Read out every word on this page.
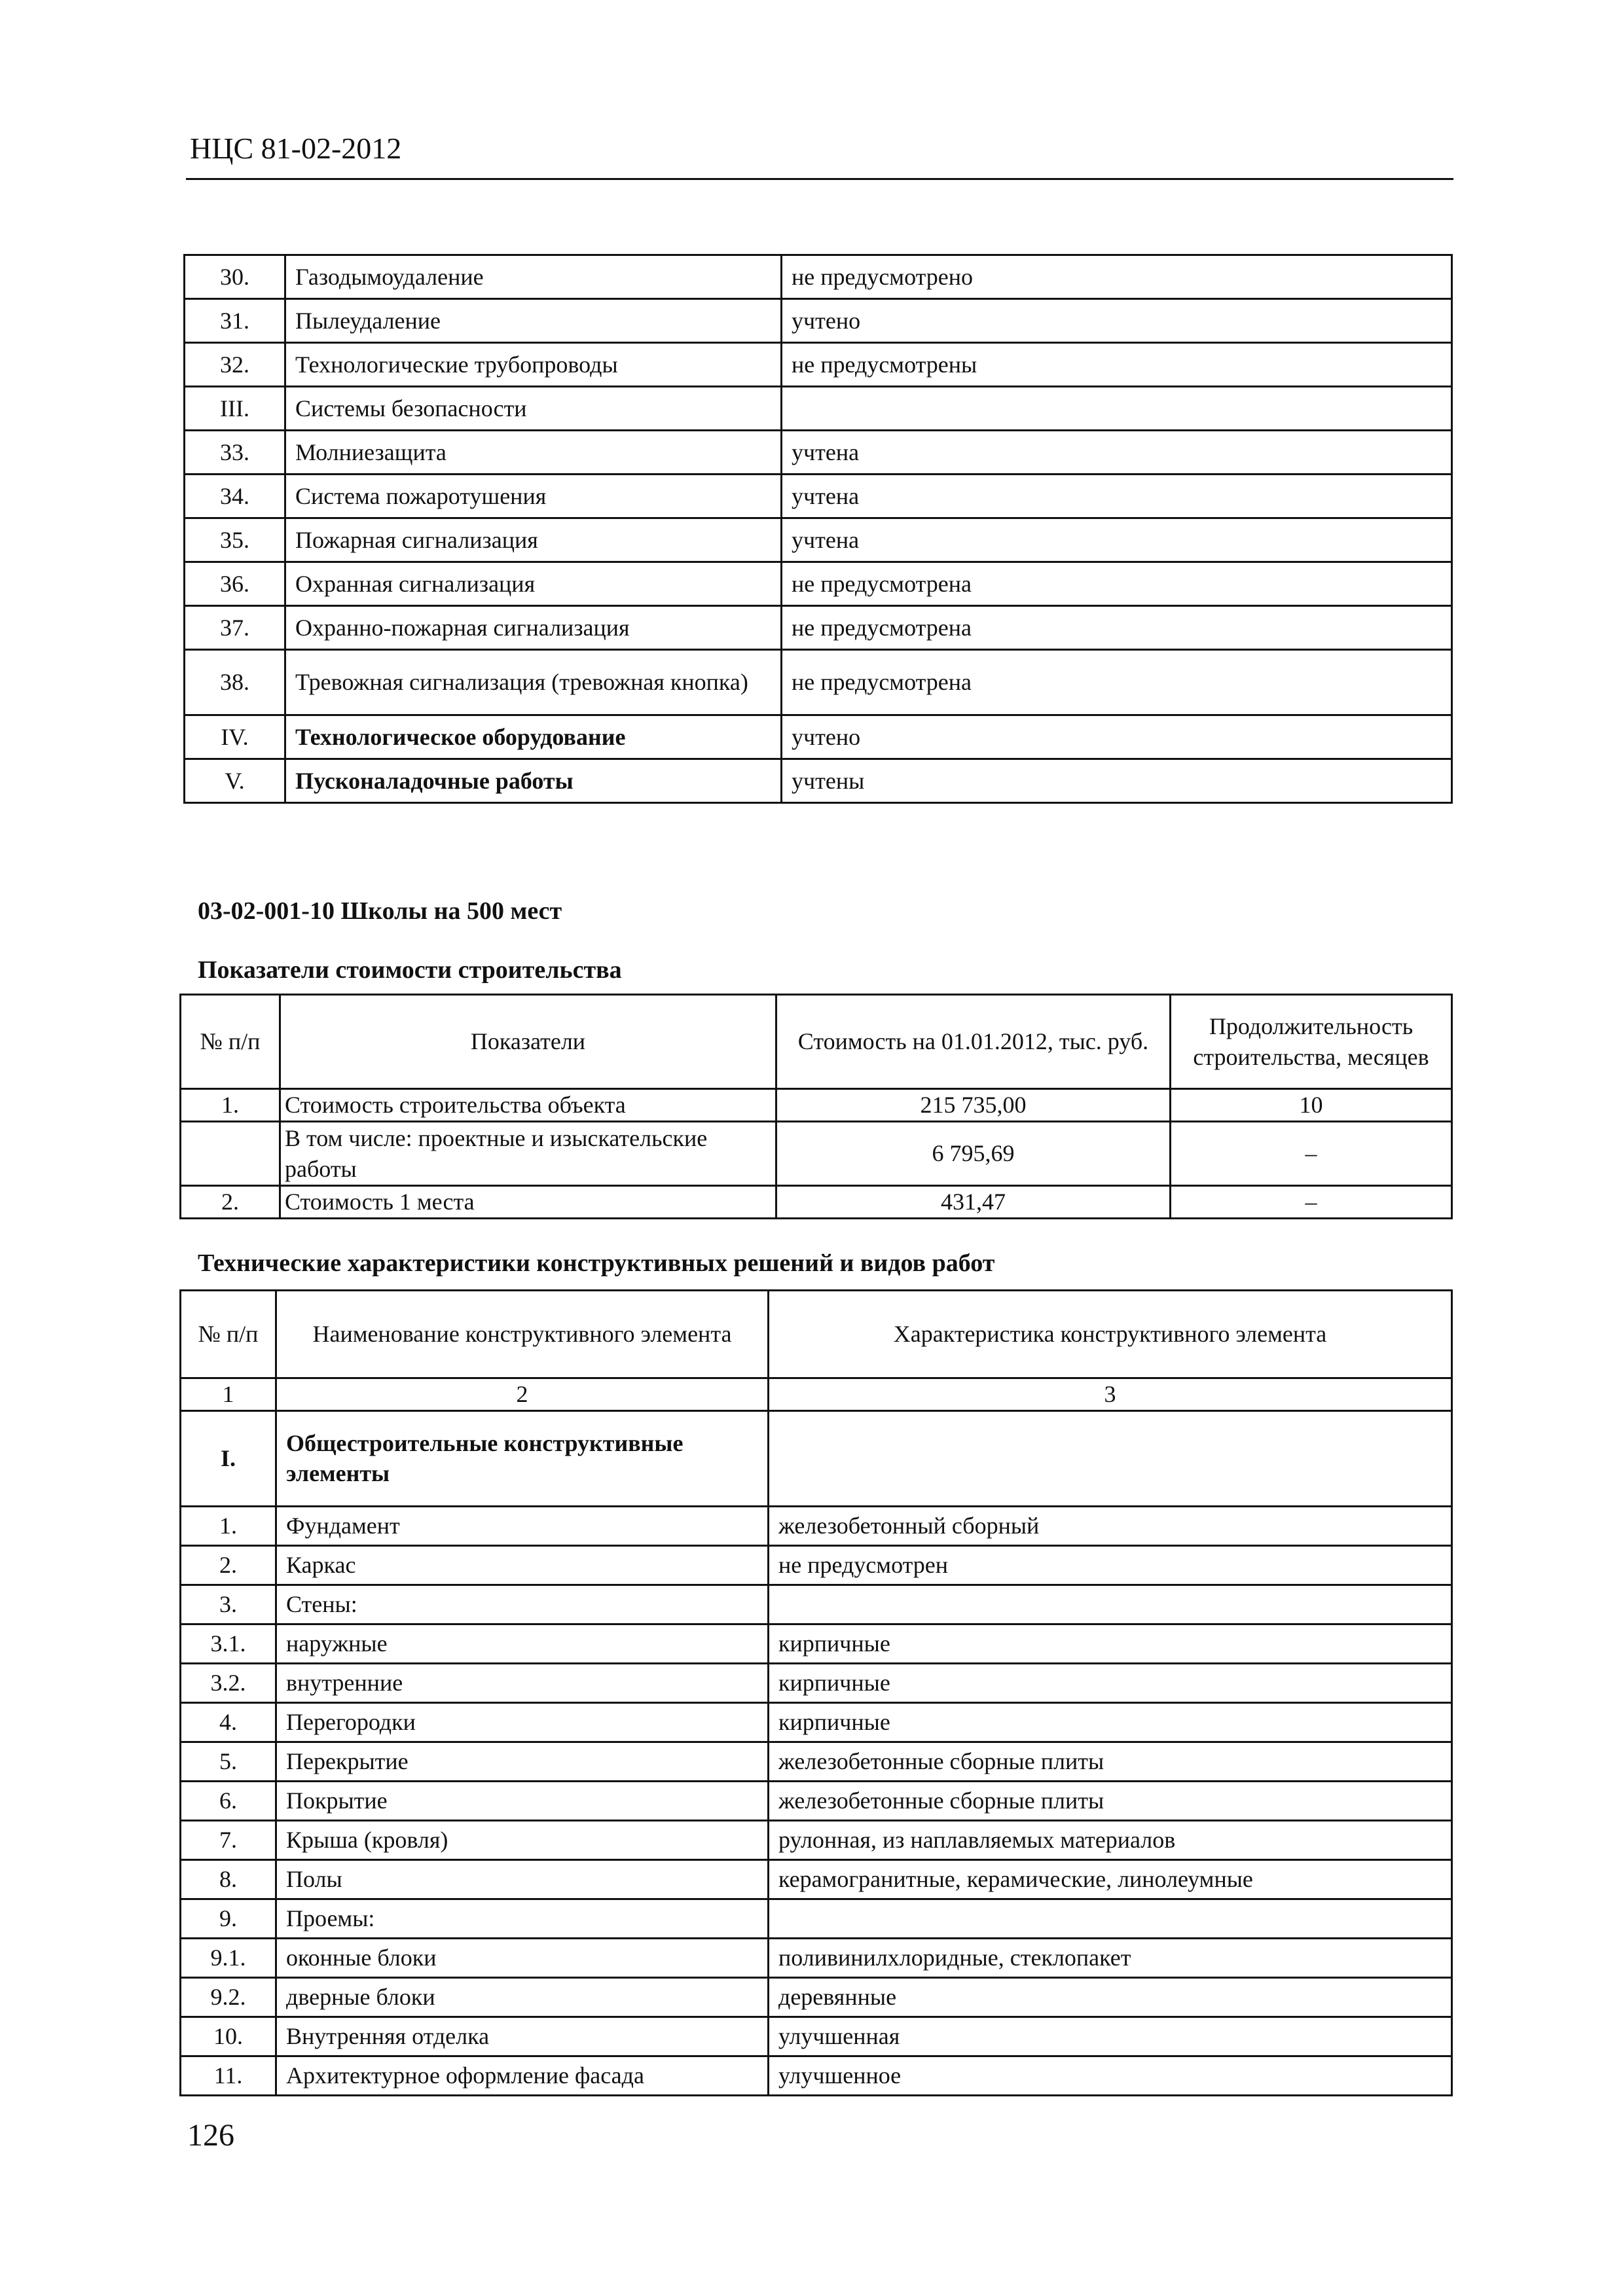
НЦС 81-02-2012
30.	Газодымоудаление	не предусмотрено
31.	Пылеудаление	учтено
32.	Технологические трубопроводы	не предусмотрены
III.	Системы безопасности	
33.	Молниезащита	учтена
34.	Система пожаротушения	учтена
35.	Пожарная сигнализация	учтена
36.	Охранная сигнализация	не предусмотрена
37.	Охранно-пожарная сигнализация	не предусмотрена
38.	Тревожная сигнализация (тревожная кнопка)	не предусмотрена
IV.	Технологическое оборудование	учтено
V.	Пусконаладочные работы	учтены
03-02-001-10 Школы на 500 мест
Показатели стоимости строительства
№ п/п	Показатели	Стоимость на 01.01.2012, тыс. руб.	Продолжительность строительства, месяцев
1.	Стоимость строительства объекта	215 735,00	10
	В том числе: проектные и изыскательские работы	6 795,69	–
2.	Стоимость 1 места	431,47	–
Технические характеристики конструктивных решений и видов работ
№ п/п	Наименование конструктивного элемента	Характеристика конструктивного элемента
1	2	3
I.	Общестроительные конструктивные элементы	
1.	Фундамент	железобетонный сборный
2.	Каркас	не предусмотрен
3.	Стены:	
3.1.	наружные	кирпичные
3.2.	внутренние	кирпичные
4.	Перегородки	кирпичные
5.	Перекрытие	железобетонные сборные плиты
6.	Покрытие	железобетонные сборные плиты
7.	Крыша (кровля)	рулонная, из наплавляемых материалов
8.	Полы	керамогранитные, керамические, линолеумные
9.	Проемы:	
9.1.	оконные блоки	поливинилхлоридные, стеклопакет
9.2.	дверные блоки	деревянные
10.	Внутренняя отделка	улучшенная
11.	Архитектурное оформление фасада	улучшенное
126
